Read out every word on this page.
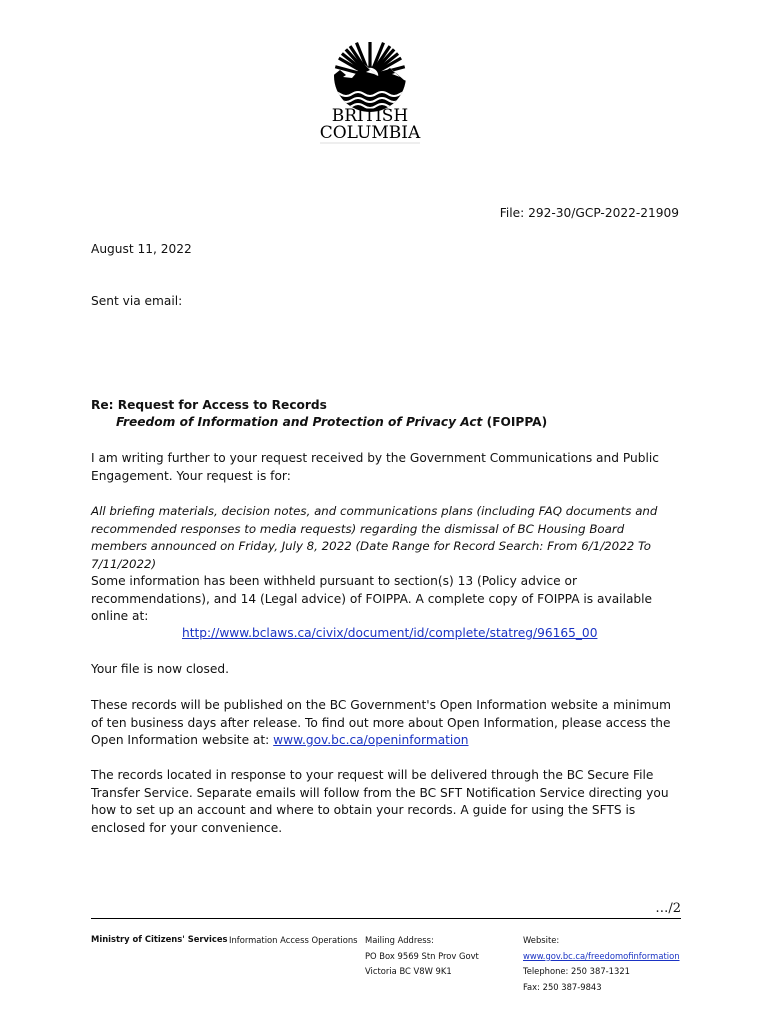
BRITISH
COLUMBIA
File: 292-30/GCP-2022-21909
August 11, 2022
Sent via email:
Re: Request for Access to Records
Freedom of Information and Protection of Privacy Act (FOIPPA)
I am writing further to your request received by the Government Communications and Public Engagement. Your request is for:
All briefing materials, decision notes, and communications plans (including FAQ documents and recommended responses to media requests) regarding the dismissal of BC Housing Board members announced on Friday, July 8, 2022 (Date Range for Record Search: From 6/1/2022 To 7/11/2022)
Some information has been withheld pursuant to section(s) 13 (Policy advice or recommendations), and 14 (Legal advice) of FOIPPA. A complete copy of FOIPPA is available online at:
http://www.bclaws.ca/civix/document/id/complete/statreg/96165_00
Your file is now closed.
These records will be published on the BC Government's Open Information website a minimum of ten business days after release. To find out more about Open Information, please access the Open Information website at: www.gov.bc.ca/openinformation
The records located in response to your request will be delivered through the BC Secure File Transfer Service. Separate emails will follow from the BC SFT Notification Service directing you how to set up an account and where to obtain your records. A guide for using the SFTS is enclosed for your convenience.
…/2
Ministry of Citizens' Services Information Access Operations Mailing Address:
PO Box 9569 Stn Prov Govt
Victoria BC V8W 9K1
Website:
www.gov.bc.ca/freedomofinformation
Telephone: 250 387-1321
Fax: 250 387-9843
